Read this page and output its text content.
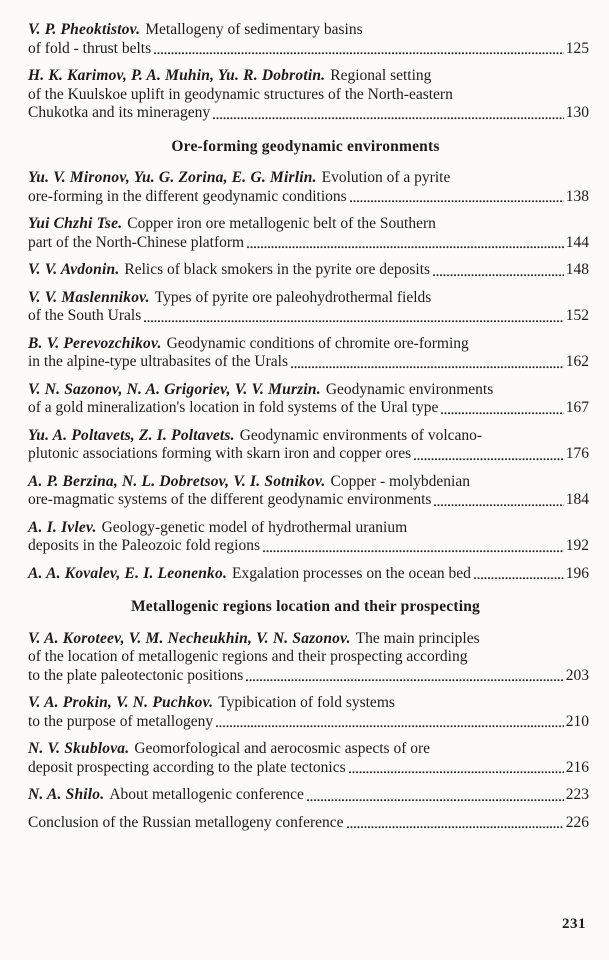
V. P. Pheoktistov. Metallogeny of sedimentary basins
of fold - thrust belts	125
H. K. Karimov, P. A. Muhin, Yu. R. Dobrotin. Regional setting
of the Kuulskoe uplift in geodynamic structures of the North-eastern
Chukotka and its minerageny	130
Ore-forming geodynamic environments
Yu. V. Mironov, Yu. G. Zorina, E. G. Mirlin. Evolution of a pyrite
ore-forming in the different geodynamic conditions	138
Yui Chzhi Tse. Copper iron ore metallogenic belt of the Southern
part of the North-Chinese platform	144
V. V. Avdonin. Relics of black smokers in the pyrite ore deposits	148
V. V. Maslennikov. Types of pyrite ore paleohydrothermal fields
of the South Urals	152
B. V. Perevozchikov. Geodynamic conditions of chromite ore-forming
in the alpine-type ultrabasites of the Urals	162
V. N. Sazonov, N. A. Grigoriev, V. V. Murzin. Geodynamic environments
of a gold mineralization's location in fold systems of the Ural type	167
Yu. A. Poltavets, Z. I. Poltavets. Geodynamic environments of volcano-
plutonic associations forming with skarn iron and copper ores	176
A. P. Berzina, N. L. Dobretsov, V. I. Sotnikov. Copper - molybdenian
ore-magmatic systems of the different geodynamic environments	184
A. I. Ivlev. Geology-genetic model of hydrothermal uranium
deposits in the Paleozoic fold regions	192
A. A. Kovalev, E. I. Leonenko. Exgalation processes on the ocean bed	196
Metallogenic regions location and their prospecting
V. A. Koroteev, V. M. Necheukhin, V. N. Sazonov. The main principles
of the location of metallogenic regions and their prospecting according
to the plate paleotectonic positions	203
V. A. Prokin, V. N. Puchkov. Typibication of fold systems
to the purpose of metallogeny	210
N. V. Skublova. Geomorfological and aerocosmic aspects of ore
deposit prospecting according to the plate tectonics	216
N. A. Shilo. About metallogenic conference	223
Conclusion of the Russian metallogeny conference	226
231
